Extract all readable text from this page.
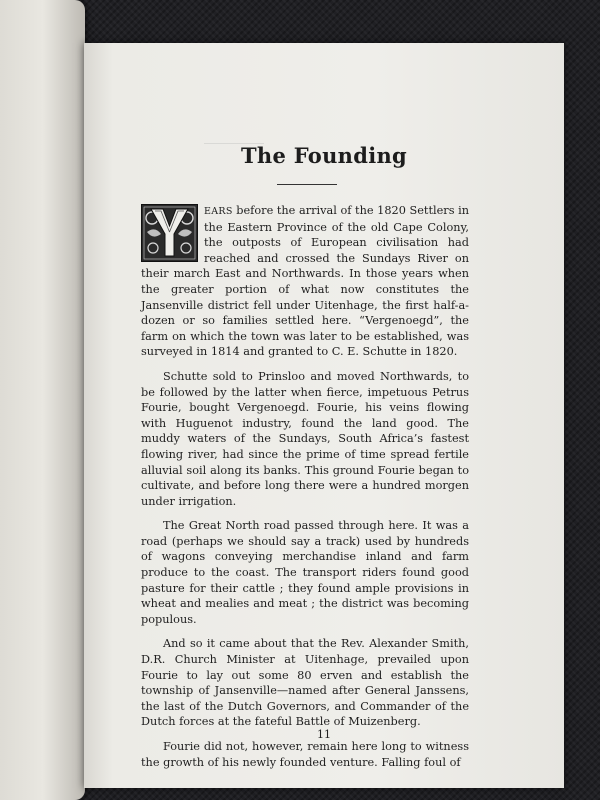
The Founding

EARS before the arrival of the 1820 Settlers in the Eastern Province of the old Cape Colony, the outposts of European civilisation had reached and crossed the Sundays River on their march East and Northwards. In those years when the greater portion of what now constitutes the Jansenville district fell under Uitenhage, the first half-a-dozen or so families settled here. “Vergenoegd”, the farm on which the town was later to be established, was surveyed in 1814 and granted to C. E. Schutte in 1820.

Schutte sold to Prinsloo and moved Northwards, to be followed by the latter when fierce, impetuous Petrus Fourie, bought Vergenoegd. Fourie, his veins flowing with Huguenot industry, found the land good. The muddy waters of the Sundays, South Africa’s fastest flowing river, had since the prime of time spread fertile alluvial soil along its banks. This ground Fourie began to cultivate, and before long there were a hundred morgen under irrigation.

The Great North road passed through here. It was a road (perhaps we should say a track) used by hundreds of wagons conveying merchandise inland and farm produce to the coast. The transport riders found good pasture for their cattle ; they found ample provisions in wheat and mealies and meat ; the district was becoming populous.

And so it came about that the Rev. Alexander Smith, D.R. Church Minister at Uitenhage, prevailed upon Fourie to lay out some 80 erven and establish the township of Jansenville—named after General Janssens, the last of the Dutch Governors, and Commander of the Dutch forces at the fateful Battle of Muizenberg.

Fourie did not, however, remain here long to witness the growth of his newly founded venture. Falling foul of

11
